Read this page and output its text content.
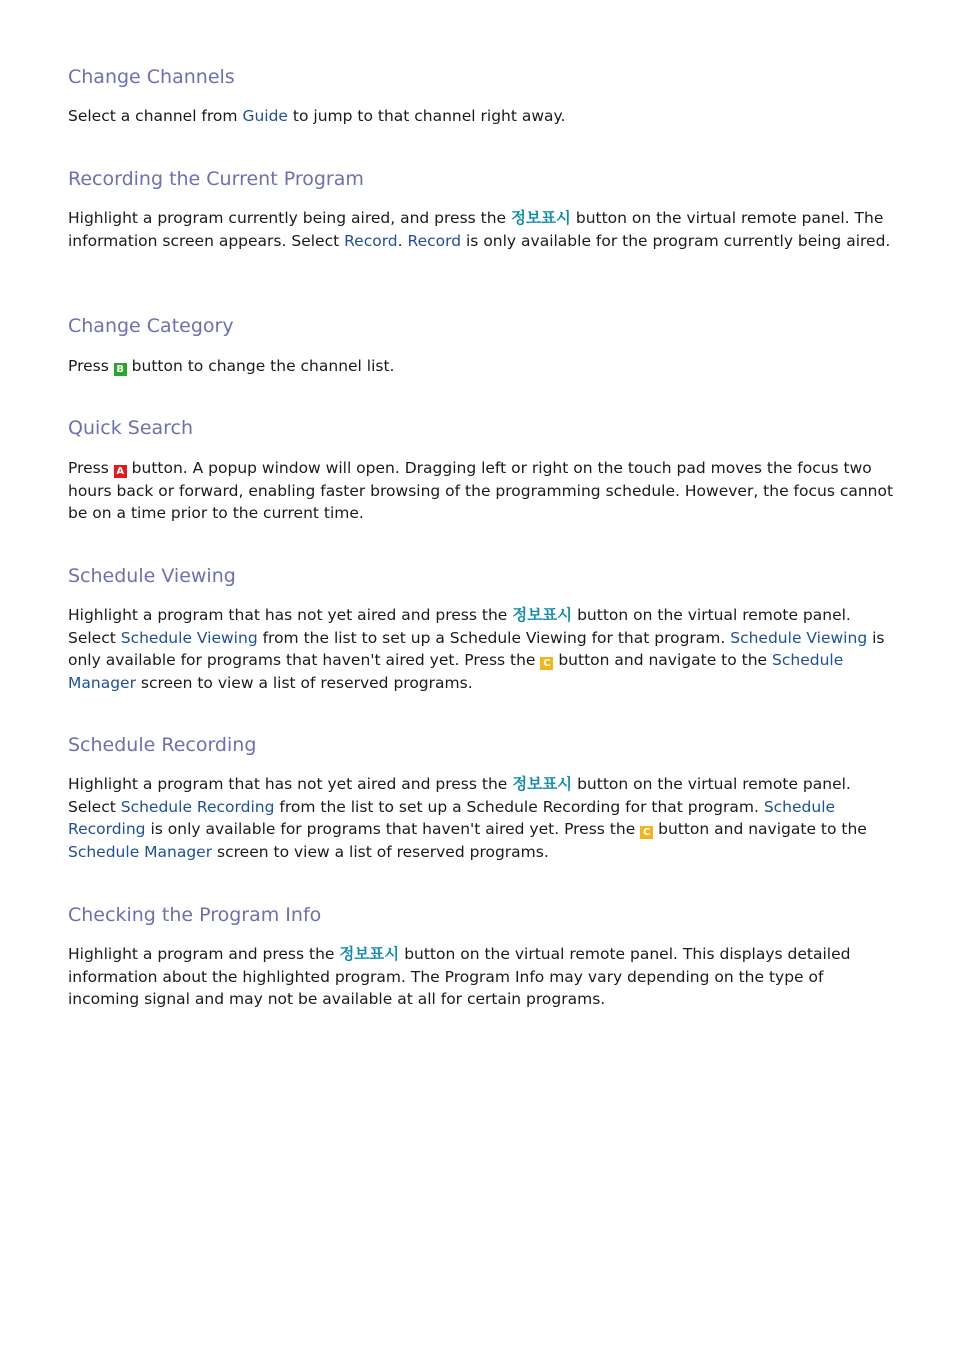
Change Channels

Select a channel from Guide to jump to that channel right away.

Recording the Current Program

Highlight a program currently being aired, and press the 정보표시 button on the virtual remote panel. The information screen appears. Select Record. Record is only available for the program currently being aired.

Change Category

Press B button to change the channel list.

Quick Search

Press A button. A popup window will open. Dragging left or right on the touch pad moves the focus two hours back or forward, enabling faster browsing of the programming schedule. However, the focus cannot be on a time prior to the current time.

Schedule Viewing

Highlight a program that has not yet aired and press the 정보표시 button on the virtual remote panel. Select Schedule Viewing from the list to set up a Schedule Viewing for that program. Schedule Viewing is only available for programs that haven't aired yet. Press the C button and navigate to the Schedule Manager screen to view a list of reserved programs.

Schedule Recording

Highlight a program that has not yet aired and press the 정보표시 button on the virtual remote panel. Select Schedule Recording from the list to set up a Schedule Recording for that program. Schedule Recording is only available for programs that haven't aired yet. Press the C button and navigate to the Schedule Manager screen to view a list of reserved programs.

Checking the Program Info

Highlight a program and press the 정보표시 button on the virtual remote panel. This displays detailed information about the highlighted program. The Program Info may vary depending on the type of incoming signal and may not be available at all for certain programs.
